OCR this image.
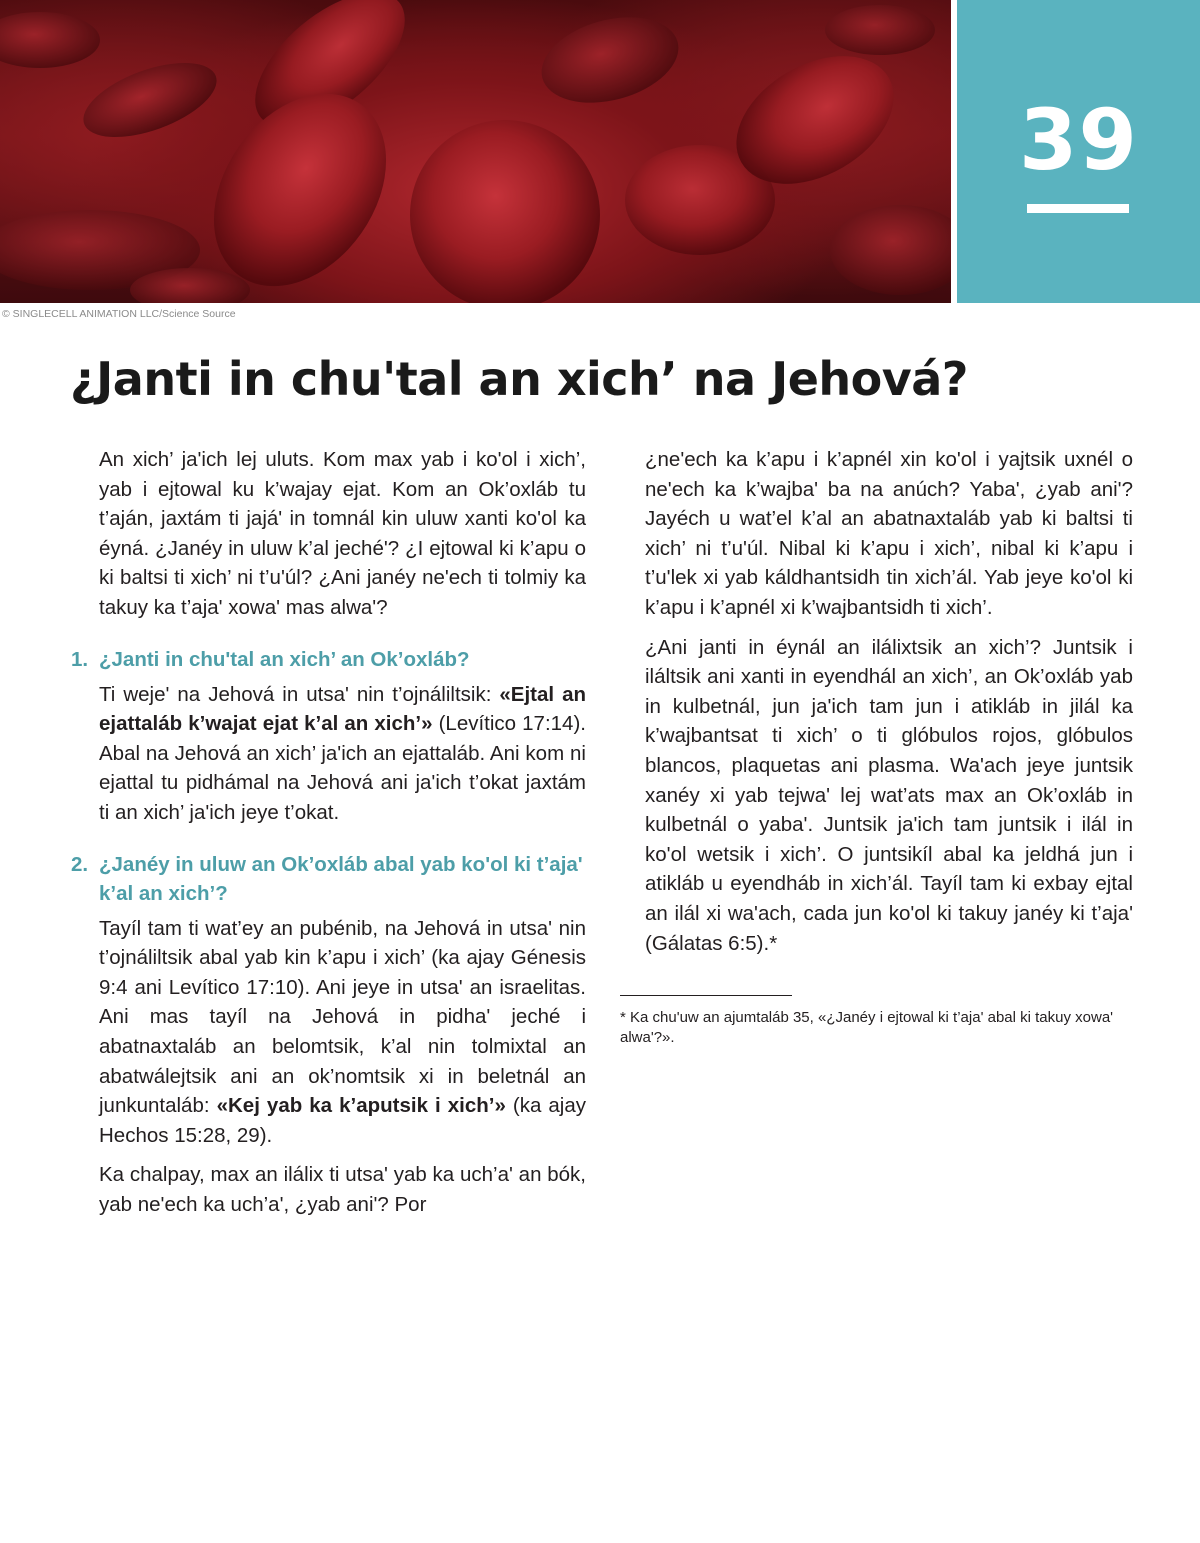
39
© SINGLECELL ANIMATION LLC/Science Source
¿Janti in chu'tal an xich’ na Jehová?

An xich’ ja'ich lej uluts. Kom max yab i ko'ol i xich’, yab i ejtowal ku k’wajay ejat. Kom an Ok’oxláb tu t’aján, jaxtám ti jajá' in tomnál kin uluw xanti ko'ol ka éyná. ¿Janéy in uluw k’al jeché'? ¿I ejtowal ki k’apu o ki baltsi ti xich’ ni t’u'úl? ¿Ani janéy ne'ech ti tolmiy ka takuy ka t’aja' xowa' mas alwa'?

1. ¿Janti in chu'tal an xich’ an Ok’oxláb?

Ti weje' na Jehová in utsa' nin t’ojnáliltsik: «Ejtal an ejattaláb k’wajat ejat k’al an xich’» (Levítico 17:14). Abal na Jehová an xich’ ja'ich an ejattaláb. Ani kom ni ejattal tu pidhámal na Jehová ani ja'ich t’okat jaxtám ti an xich’ ja'ich jeye t’okat.

2. ¿Janéy in uluw an Ok’oxláb abal yab ko'ol ki t’aja' k’al an xich’?

Tayíl tam ti wat’ey an pubénib, na Jehová in utsa' nin t’ojnáliltsik abal yab kin k’apu i xich’ (ka ajay Génesis 9:4 ani Levítico 17:10). Ani jeye in utsa' an israelitas. Ani mas tayíl na Jehová in pidha' jeché i abatnaxtaláb an belomtsik, k’al nin tolmixtal an abatwálejtsik ani an ok’nomtsik xi in beletnál an junkuntaláb: «Kej yab ka k’aputsik i xich’» (ka ajay Hechos 15:28, 29).

Ka chalpay, max an ilálix ti utsa' yab ka uch’a' an bók, yab ne'ech ka uch’a', ¿yab ani'? Por

¿ne'ech ka k’apu i k’apnél xin ko'ol i yajtsik uxnél o ne'ech ka k’wajba' ba na anúch? Yaba', ¿yab ani'? Jayéch u wat’el k’al an abatnaxtaláb yab ki baltsi ti xich’ ni t’u'úl. Nibal ki k’apu i xich’, nibal ki k’apu i t’u'lek xi yab káldhantsidh tin xich’ál. Yab jeye ko'ol ki k’apu i k’apnél xi k’wajbantsidh ti xich’.

¿Ani janti in éynál an ilálixtsik an xich’? Juntsik i iláltsik ani xanti in eyendhál an xich’, an Ok’oxláb yab in kulbetnál, jun ja'ich tam jun i atikláb in jilál ka k’wajbantsat ti xich’ o ti glóbulos rojos, glóbulos blancos, plaquetas ani plasma. Wa'ach jeye juntsik xanéy xi yab tejwa' lej wat’ats max an Ok’oxláb in kulbetnál o yaba'. Juntsik ja'ich tam juntsik i ilál in ko'ol wetsik i xich’. O juntsikíl abal ka jeldhá jun i atikláb u eyendháb in xich’ál. Tayíl tam ki exbay ejtal an ilál xi wa'ach, cada jun ko'ol ki takuy janéy ki t’aja' (Gálatas 6:5).*

* Ka chu'uw an ajumtaláb 35, «¿Janéy i ejtowal ki t’aja' abal ki takuy xowa' alwa'?».
